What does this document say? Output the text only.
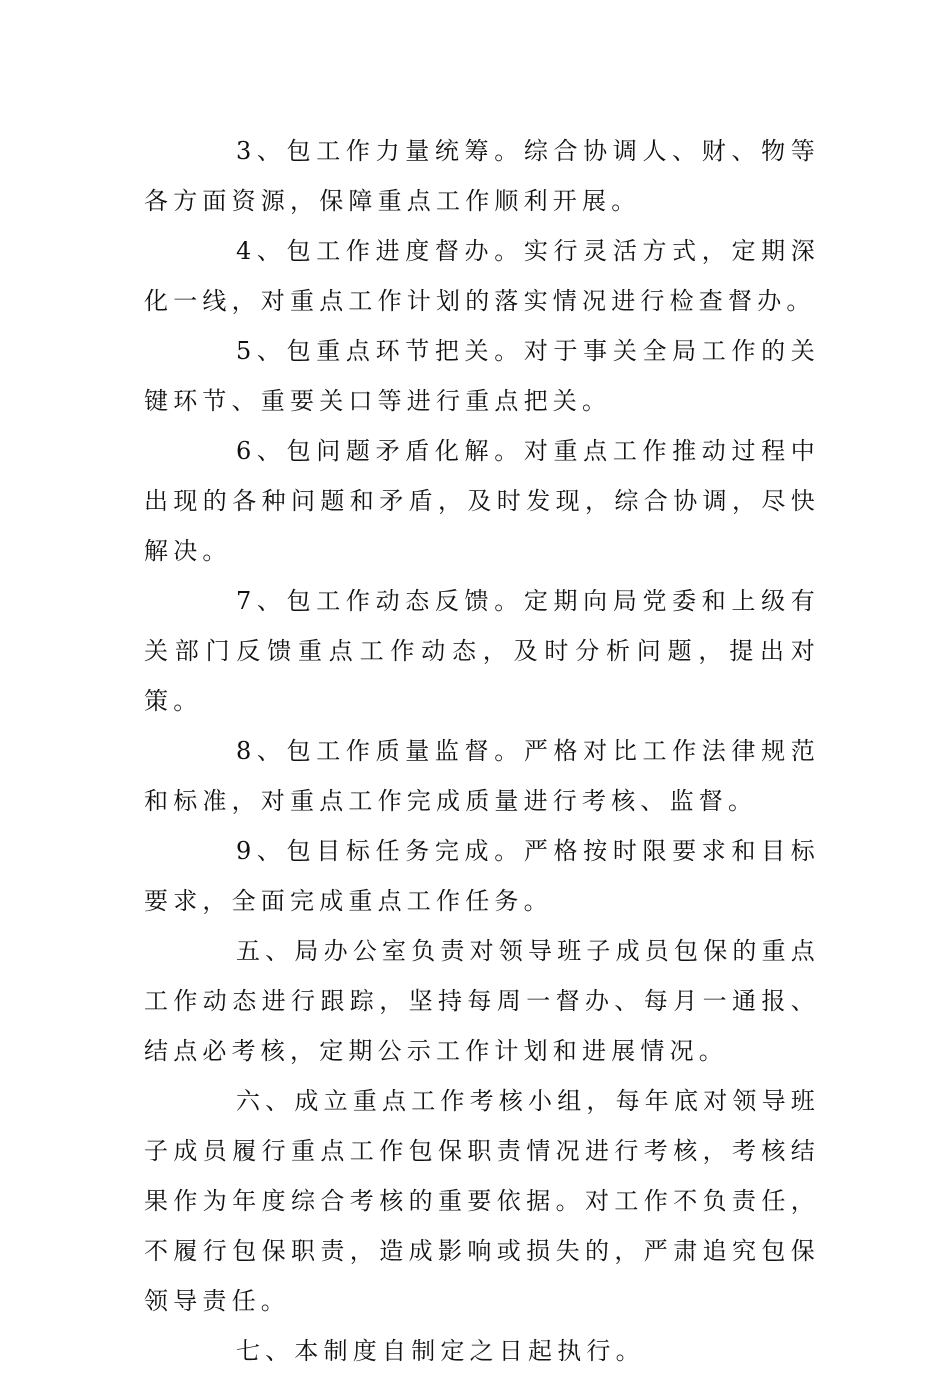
3、包工作力量统筹。综合协调人、财、物等各方面资源，保障重点工作顺利开展。

4、包工作进度督办。实行灵活方式，定期深化一线，对重点工作计划的落实情况进行检查督办。

5、包重点环节把关。对于事关全局工作的关键环节、重要关口等进行重点把关。

6、包问题矛盾化解。对重点工作推动过程中出现的各种问题和矛盾，及时发现，综合协调，尽快解决。

7、包工作动态反馈。定期向局党委和上级有关部门反馈重点工作动态，及时分析问题，提出对策。

8、包工作质量监督。严格对比工作法律规范和标准，对重点工作完成质量进行考核、监督。

9、包目标任务完成。严格按时限要求和目标要求，全面完成重点工作任务。

五、局办公室负责对领导班子成员包保的重点工作动态进行跟踪，坚持每周一督办、每月一通报、结点必考核，定期公示工作计划和进展情况。

六、成立重点工作考核小组，每年底对领导班子成员履行重点工作包保职责情况进行考核，考核结果作为年度综合考核的重要依据。对工作不负责任，不履行包保职责，造成影响或损失的，严肃追究包保领导责任。

七、本制度自制定之日起执行。
